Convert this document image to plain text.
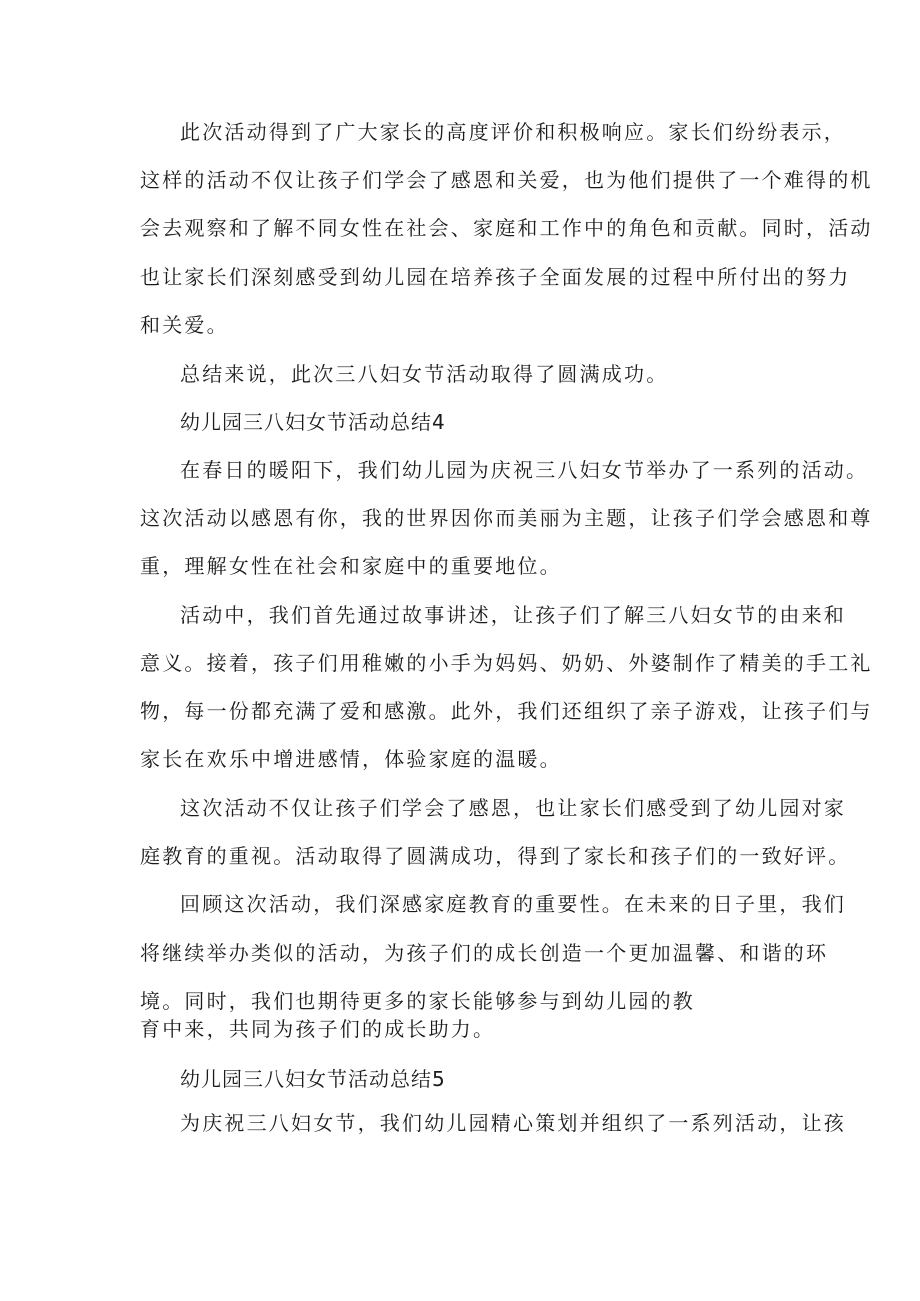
此次活动得到了广大家长的高度评价和积极响应。家长们纷纷表示，
这样的活动不仅让孩子们学会了感恩和关爱，也为他们提供了一个难得的机
会去观察和了解不同女性在社会、家庭和工作中的角色和贡献。同时，活动
也让家长们深刻感受到幼儿园在培养孩子全面发展的过程中所付出的努力
和关爱。
总结来说，此次三八妇女节活动取得了圆满成功。
幼儿园三八妇女节活动总结4
在春日的暖阳下，我们幼儿园为庆祝三八妇女节举办了一系列的活动。
这次活动以感恩有你，我的世界因你而美丽为主题，让孩子们学会感恩和尊
重，理解女性在社会和家庭中的重要地位。
活动中，我们首先通过故事讲述，让孩子们了解三八妇女节的由来和
意义。接着，孩子们用稚嫩的小手为妈妈、奶奶、外婆制作了精美的手工礼
物，每一份都充满了爱和感激。此外，我们还组织了亲子游戏，让孩子们与
家长在欢乐中增进感情，体验家庭的温暖。
这次活动不仅让孩子们学会了感恩，也让家长们感受到了幼儿园对家
庭教育的重视。活动取得了圆满成功，得到了家长和孩子们的一致好评。
回顾这次活动，我们深感家庭教育的重要性。在未来的日子里，我们
将继续举办类似的活动，为孩子们的成长创造一个更加温馨、和谐的环
境。同时，我们也期待更多的家长能够参与到幼儿园的教
育中来，共同为孩子们的成长助力。
幼儿园三八妇女节活动总结5
为庆祝三八妇女节，我们幼儿园精心策划并组织了一系列活动，让孩
